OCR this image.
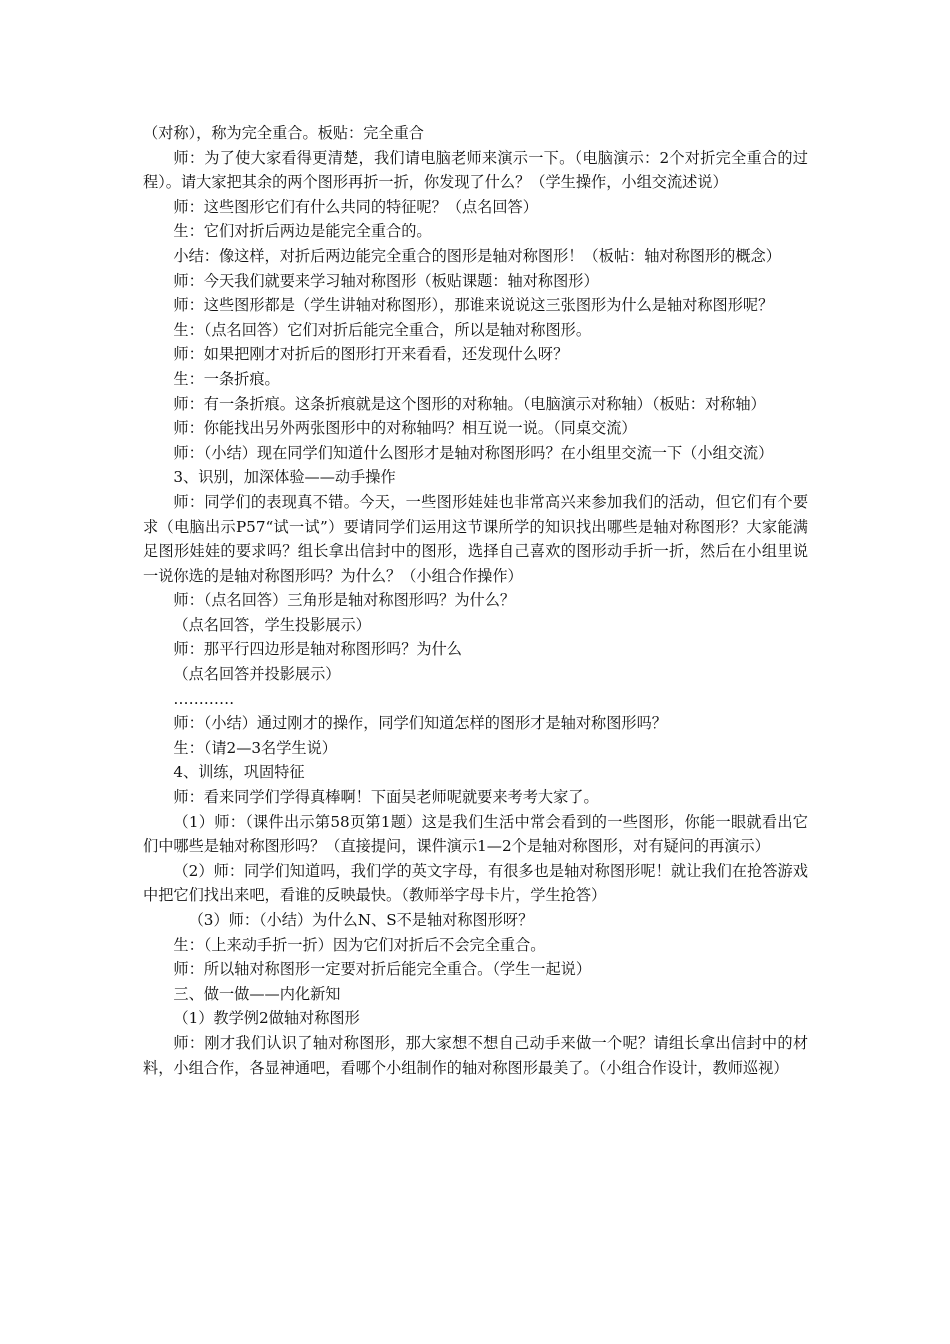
（对称），称为完全重合。板贴：完全重合

师：为了使大家看得更清楚，我们请电脑老师来演示一下。（电脑演示：2个对折完全重合的过程）。请大家把其余的两个图形再折一折，你发现了什么？（学生操作，小组交流述说）

师：这些图形它们有什么共同的特征呢？（点名回答）

生：它们对折后两边是能完全重合的。

小结：像这样，对折后两边能完全重合的图形是轴对称图形！（板帖：轴对称图形的概念）

师：今天我们就要来学习轴对称图形（板贴课题：轴对称图形）

师：这些图形都是（学生讲轴对称图形），那谁来说说这三张图形为什么是轴对称图形呢？

生：（点名回答）它们对折后能完全重合，所以是轴对称图形。

师：如果把刚才对折后的图形打开来看看，还发现什么呀？

生：一条折痕。

师：有一条折痕。这条折痕就是这个图形的对称轴。（电脑演示对称轴）（板贴：对称轴）

师：你能找出另外两张图形中的对称轴吗？相互说一说。（同桌交流）

师：（小结）现在同学们知道什么图形才是轴对称图形吗？在小组里交流一下（小组交流）

3、识别，加深体验——动手操作

师：同学们的表现真不错。今天，一些图形娃娃也非常高兴来参加我们的活动，但它们有个要求（电脑出示P57“试一试”）要请同学们运用这节课所学的知识找出哪些是轴对称图形？大家能满足图形娃娃的要求吗？组长拿出信封中的图形，选择自己喜欢的图形动手折一折，然后在小组里说一说你选的是轴对称图形吗？为什么？（小组合作操作）

师：（点名回答）三角形是轴对称图形吗？为什么？

（点名回答，学生投影展示）

师：那平行四边形是轴对称图形吗？为什么

（点名回答并投影展示）

…………

师：（小结）通过刚才的操作，同学们知道怎样的图形才是轴对称图形吗？

生：（请2—3名学生说）

4、训练，巩固特征

师：看来同学们学得真棒啊！下面吴老师呢就要来考考大家了。

（1）师：（课件出示第58页第1题）这是我们生活中常会看到的一些图形，你能一眼就看出它们中哪些是轴对称图形吗？（直接提问，课件演示1—2个是轴对称图形，对有疑问的再演示）

（2）师：同学们知道吗，我们学的英文字母，有很多也是轴对称图形呢！就让我们在抢答游戏中把它们找出来吧，看谁的反映最快。（教师举字母卡片，学生抢答）

（3）师：（小结）为什么N、S不是轴对称图形呀？

生：（上来动手折一折）因为它们对折后不会完全重合。

师：所以轴对称图形一定要对折后能完全重合。（学生一起说）

三、做一做——内化新知

（1）教学例2做轴对称图形

师：刚才我们认识了轴对称图形，那大家想不想自己动手来做一个呢？请组长拿出信封中的材料，小组合作，各显神通吧，看哪个小组制作的轴对称图形最美了。（小组合作设计，教师巡视）
